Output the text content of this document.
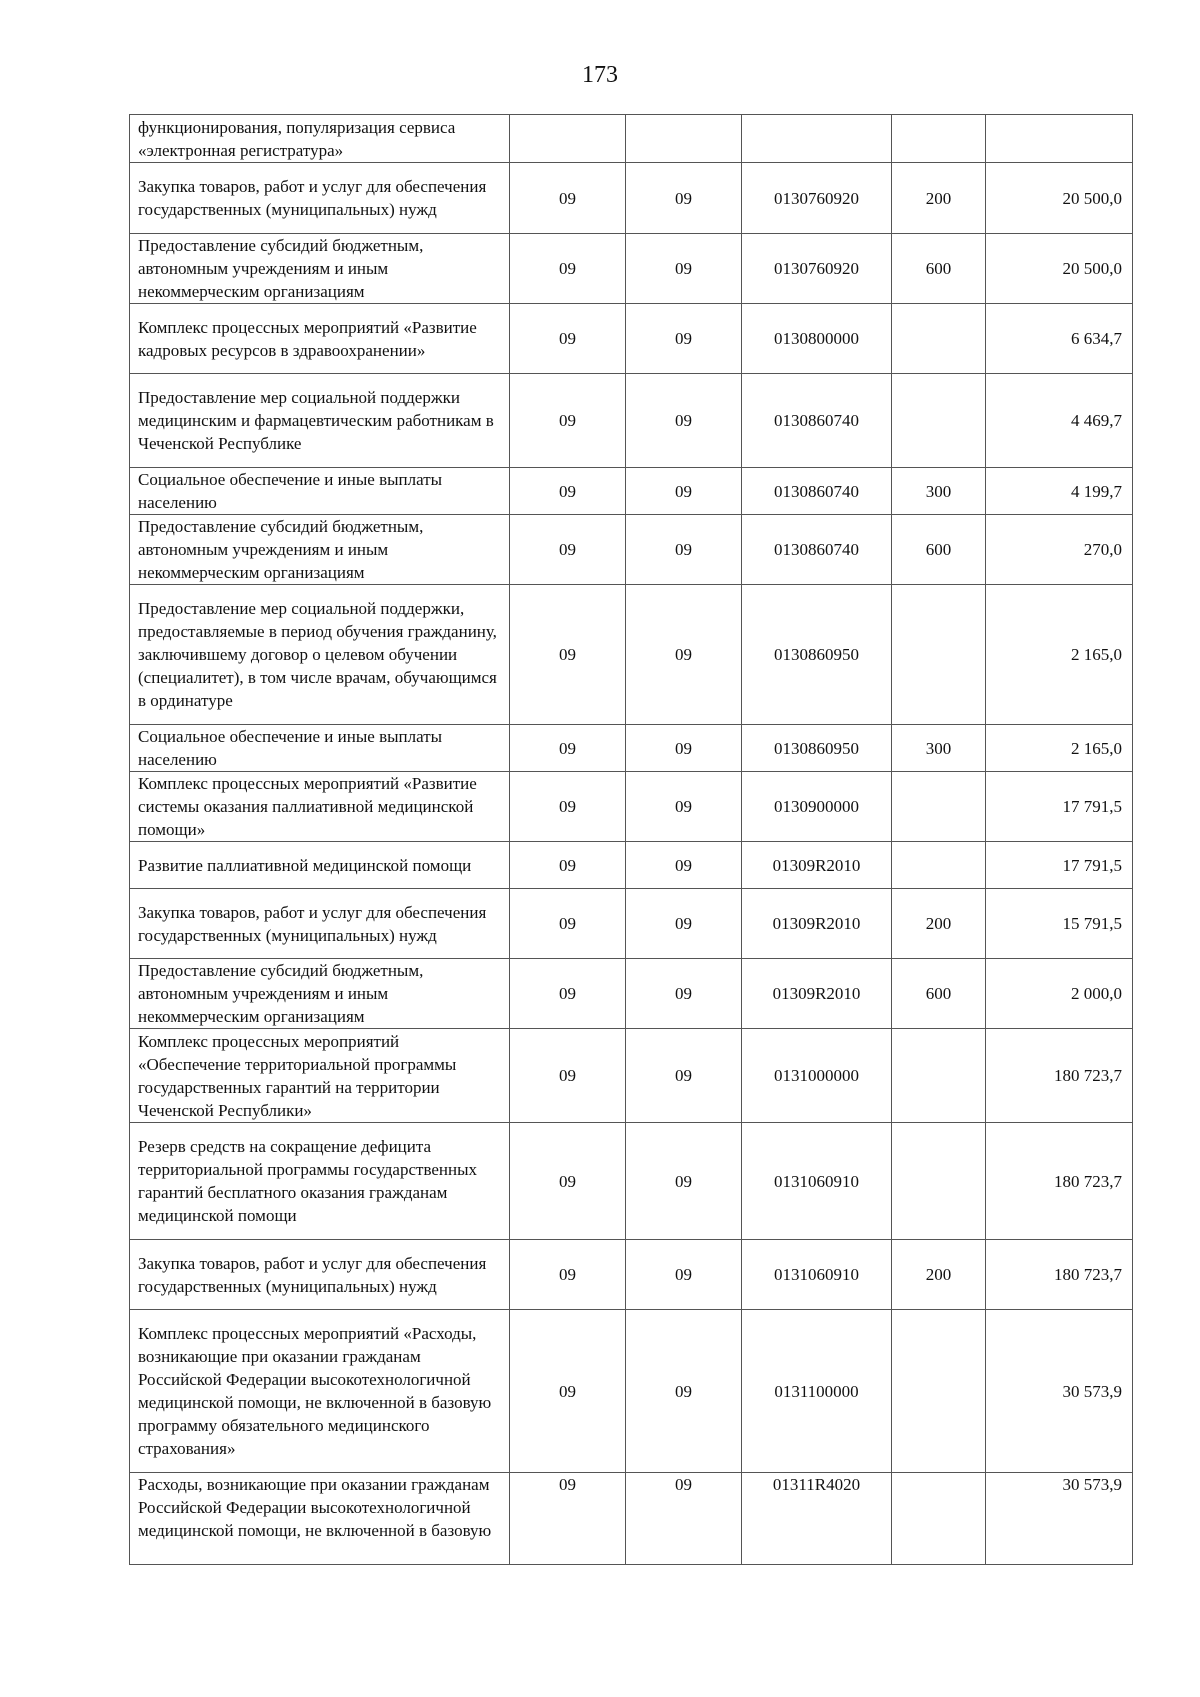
173
функционирования, популяризация сервиса «электронная регистратура»					
Закупка товаров, работ и услуг для обеспечения государственных (муниципальных) нужд	09	09	0130760920	200	20 500,0
Предоставление субсидий бюджетным, автономным учреждениям и иным некоммерческим организациям	09	09	0130760920	600	20 500,0
Комплекс процессных мероприятий «Развитие кадровых ресурсов в здравоохранении»	09	09	0130800000		6 634,7
Предоставление мер социальной поддержки медицинским и фармацевтическим работникам в Чеченской Республике	09	09	0130860740		4 469,7
Социальное обеспечение и иные выплаты населению	09	09	0130860740	300	4 199,7
Предоставление субсидий бюджетным, автономным учреждениям и иным некоммерческим организациям	09	09	0130860740	600	270,0
Предоставление мер социальной поддержки, предоставляемые в период обучения гражданину, заключившему договор о целевом обучении (специалитет), в том числе врачам, обучающимся в ординатуре	09	09	0130860950		2 165,0
Социальное обеспечение и иные выплаты населению	09	09	0130860950	300	2 165,0
Комплекс процессных мероприятий «Развитие системы оказания паллиативной медицинской помощи»	09	09	0130900000		17 791,5
Развитие паллиативной медицинской помощи	09	09	01309R2010		17 791,5
Закупка товаров, работ и услуг для обеспечения государственных (муниципальных) нужд	09	09	01309R2010	200	15 791,5
Предоставление субсидий бюджетным, автономным учреждениям и иным некоммерческим организациям	09	09	01309R2010	600	2 000,0
Комплекс процессных мероприятий «Обеспечение территориальной программы государственных гарантий на территории Чеченской Республики»	09	09	0131000000		180 723,7
Резерв средств на сокращение дефицита территориальной программы государственных гарантий бесплатного оказания гражданам медицинской помощи	09	09	0131060910		180 723,7
Закупка товаров, работ и услуг для обеспечения государственных (муниципальных) нужд	09	09	0131060910	200	180 723,7
Комплекс процессных мероприятий «Расходы, возникающие при оказании гражданам Российской Федерации высокотехнологичной медицинской помощи, не включенной в базовую программу обязательного медицинского страхования»	09	09	0131100000		30 573,9
Расходы, возникающие при оказании гражданам Российской Федерации высокотехнологичной медицинской помощи, не включенной в базовую	09	09	01311R4020		30 573,9
